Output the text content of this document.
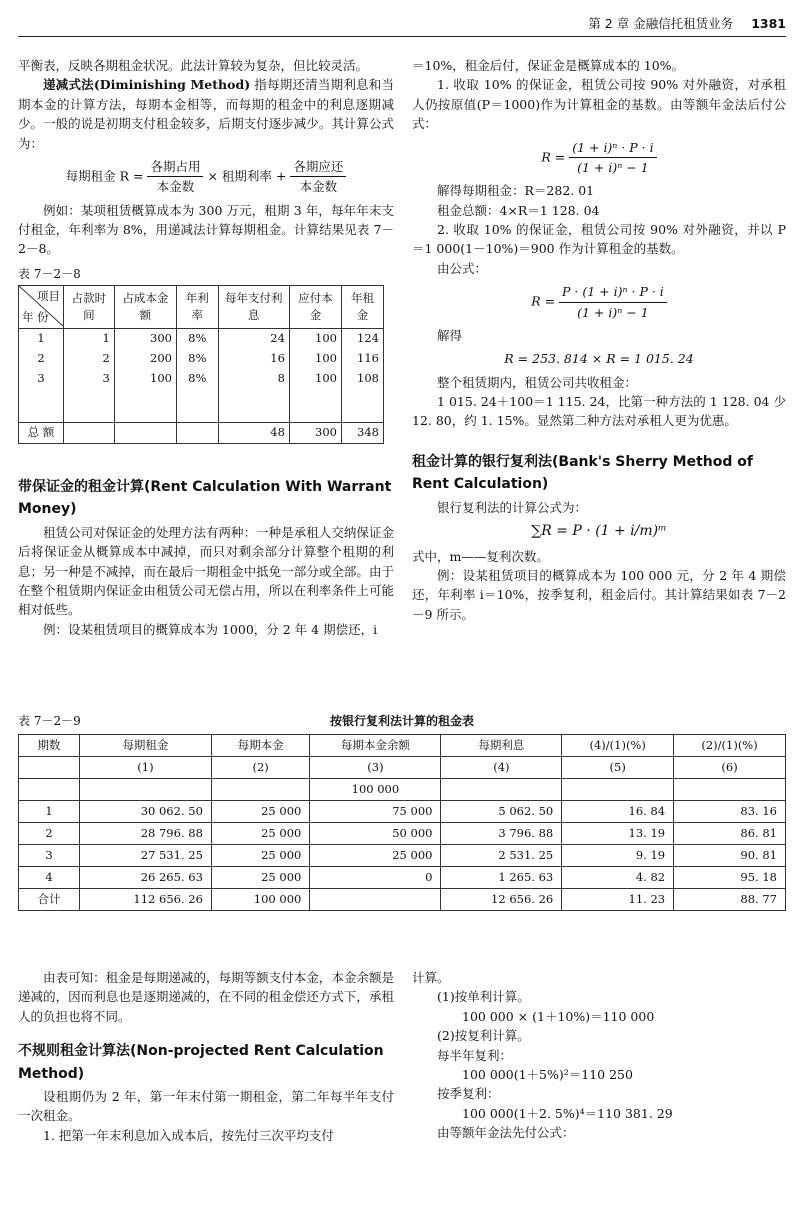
第 2 章 金融信托租赁业务 1381

平衡表，反映各期租金状况。此法计算较为复杂，但比较灵活。

递减式法(Diminishing Method) 指每期还清当期利息和当期本金的计算方法，每期本金相等，而每期的租金中的利息逐期减少。一般的说是初期支付租金较多，后期支付逐步减少。其计算公式为：

每期租金 $R = \frac{\text{各期占用}}{\text{本金数}}$ × 租期利率 + $\frac{\text{各期应还}}{\text{本金数}}$

例如：某项租赁概算成本为 300 万元，租期 3 年，每年年末支付租金，年利率为 8%，用递减法计算每期租金。计算结果见表 7－2－8。

表 7－2－8
项目
年 份	占款时间	占成本金额	年利率	每年支付利息	应付本金	年租金
1	1	300	8%	24	100	124
2	2	200	8%	16	100	116
3	3	100	8%	8	100	108

总 额				48	300	348
带保证金的租金计算(Rent Calculation With Warrant Money)

租赁公司对保证金的处理方法有两种：一种是承租人交纳保证金后将保证金从概算成本中减掉，而只对剩余部分计算整个租期的利息；另一种是不减掉，而在最后一期租金中抵免一部分或全部。由于在整个租赁期内保证金由租赁公司无偿占用，所以在利率条件上可能相对低些。

例：设某租赁项目的概算成本为 1000，分 2 年 4 期偿还，i

＝10%，租金后付，保证金是概算成本的 10%。

1. 收取 10% 的保证金，租赁公司按 90% 对外融资，对承租人仍按原值(P＝1000)作为计算租金的基数。由等额年金法后付公式：

$R = \frac{\text{(1 + i)ⁿ · P · i}}{\text{(1 + i)ⁿ − 1}}$

解得每期租金：R＝282. 01

租金总额：4×R＝1 128. 04

2. 收取 10% 的保证金，租赁公司按 90% 对外融资，并以 P＝1 000(1－10%)＝900 作为计算租金的基数。

由公式：

$R = \frac{\text{P · (1 + i)ⁿ · P · i}}{\text{(1 + i)ⁿ − 1}}$

解得

R = 253. 814 × R = 1 015. 24

整个租赁期内，租赁公司共收租金：

1 015. 24＋100＝1 115. 24，比第一种方法的 1 128. 04 少 12. 80，约 1. 15%。显然第二种方法对承租人更为优惠。

租金计算的银行复利法(Bank's Sherry Method of Rent Calculation)

银行复利法的计算公式为：

∑R = P · (1 + i/m)ᵐ

式中，m——复利次数。

例：设某租赁项目的概算成本为 100 000 元，分 2 年 4 期偿还，年利率 i＝10%，按季复利，租金后付。其计算结果如表 7－2－9 所示。

表 7－2－9	按银行复利法计算的租金表
期数	每期租金	每期本金	每期本金余额	每期利息	(4)/(1)(%)	(2)/(1)(%)
	(1)	(2)	(3)	(4)	(5)	(6)
			100 000			
1	30 062. 50	25 000	75 000	5 062. 50	16. 84	83. 16
2	28 796. 88	25 000	50 000	3 796. 88	13. 19	86. 81
3	27 531. 25	25 000	25 000	2 531. 25	9. 19	90. 81
4	26 265. 63	25 000	0	1 265. 63	4. 82	95. 18
合计	112 656. 26	100 000		12 656. 26	11. 23	88. 77

由表可知：租金是每期递减的，每期等额支付本金，本金余额是递减的，因而利息也是逐期递减的，在不同的租金偿还方式下，承租人的负担也将不同。

不规则租金计算法(Non-projected Rent Calculation Method)

设租期仍为 2 年，第一年末付第一期租金，第二年每半年支付一次租金。

1. 把第一年末利息加入成本后，按先付三次平均支付

计算。

(1)按单利计算。

100 000 × (1＋10%)＝110 000

(2)按复利计算。

每半年复利：

100 000(1＋5%)²＝110 250

按季复利：

100 000(1＋2. 5%)⁴＝110 381. 29

由等额年金法先付公式：
